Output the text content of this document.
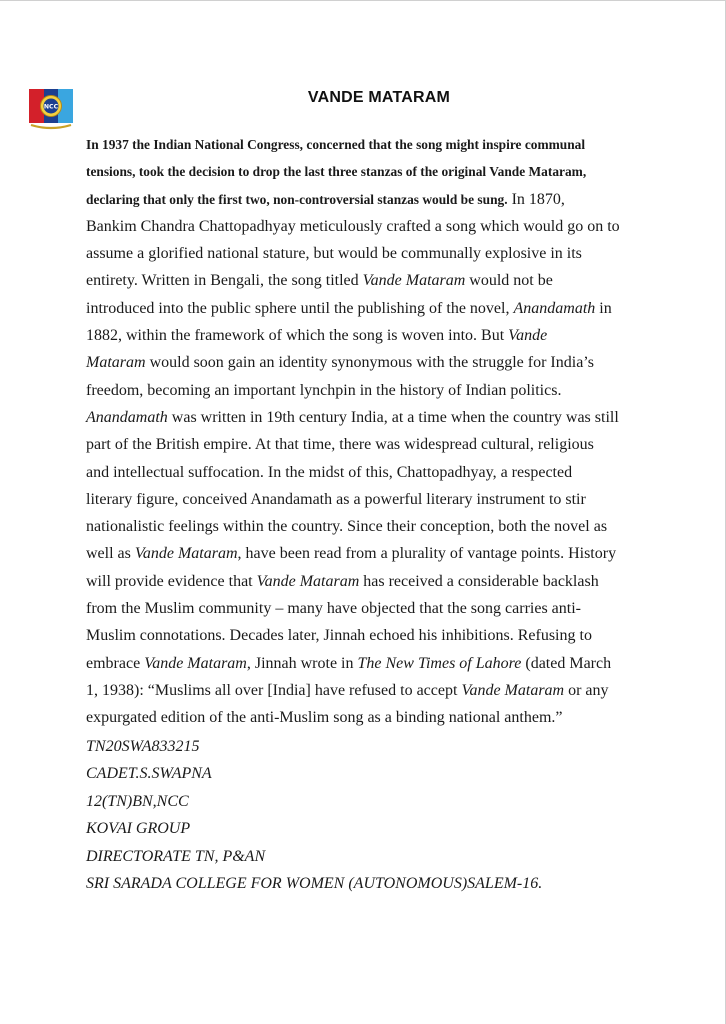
NCC
VANDE MATARAM
In 1937 the Indian National Congress, concerned that the song might inspire communal
tensions, took the decision to drop the last three stanzas of the original Vande Mataram,
declaring that only the first two, non-controversial stanzas would be sung. In 1870,
Bankim Chandra Chattopadhyay meticulously crafted a song which would go on to
assume a glorified national stature, but would be communally explosive in its
entirety. Written in Bengali, the song titled Vande Mataram would not be
introduced into the public sphere until the publishing of the novel, Anandamath in
1882, within the framework of which the song is woven into. But Vande
Mataram would soon gain an identity synonymous with the struggle for India’s
freedom, becoming an important lynchpin in the history of Indian politics.
Anandamath was written in 19th century India, at a time when the country was still
part of the British empire. At that time, there was widespread cultural, religious
and intellectual suffocation. In the midst of this, Chattopadhyay, a respected
literary figure, conceived Anandamath as a powerful literary instrument to stir
nationalistic feelings within the country. Since their conception, both the novel as
well as Vande Mataram, have been read from a plurality of vantage points. History
will provide evidence that Vande Mataram has received a considerable backlash
from the Muslim community – many have objected that the song carries anti-
Muslim connotations. Decades later, Jinnah echoed his inhibitions. Refusing to
embrace Vande Mataram, Jinnah wrote in The New Times of Lahore (dated March
1, 1938): “Muslims all over [India] have refused to accept Vande Mataram or any
expurgated edition of the anti-Muslim song as a binding national anthem.”
TN20SWA833215
CADET.S.SWAPNA
12(TN)BN,NCC
KOVAI GROUP
DIRECTORATE TN, P&AN
SRI SARADA COLLEGE FOR WOMEN (AUTONOMOUS)SALEM-16.
